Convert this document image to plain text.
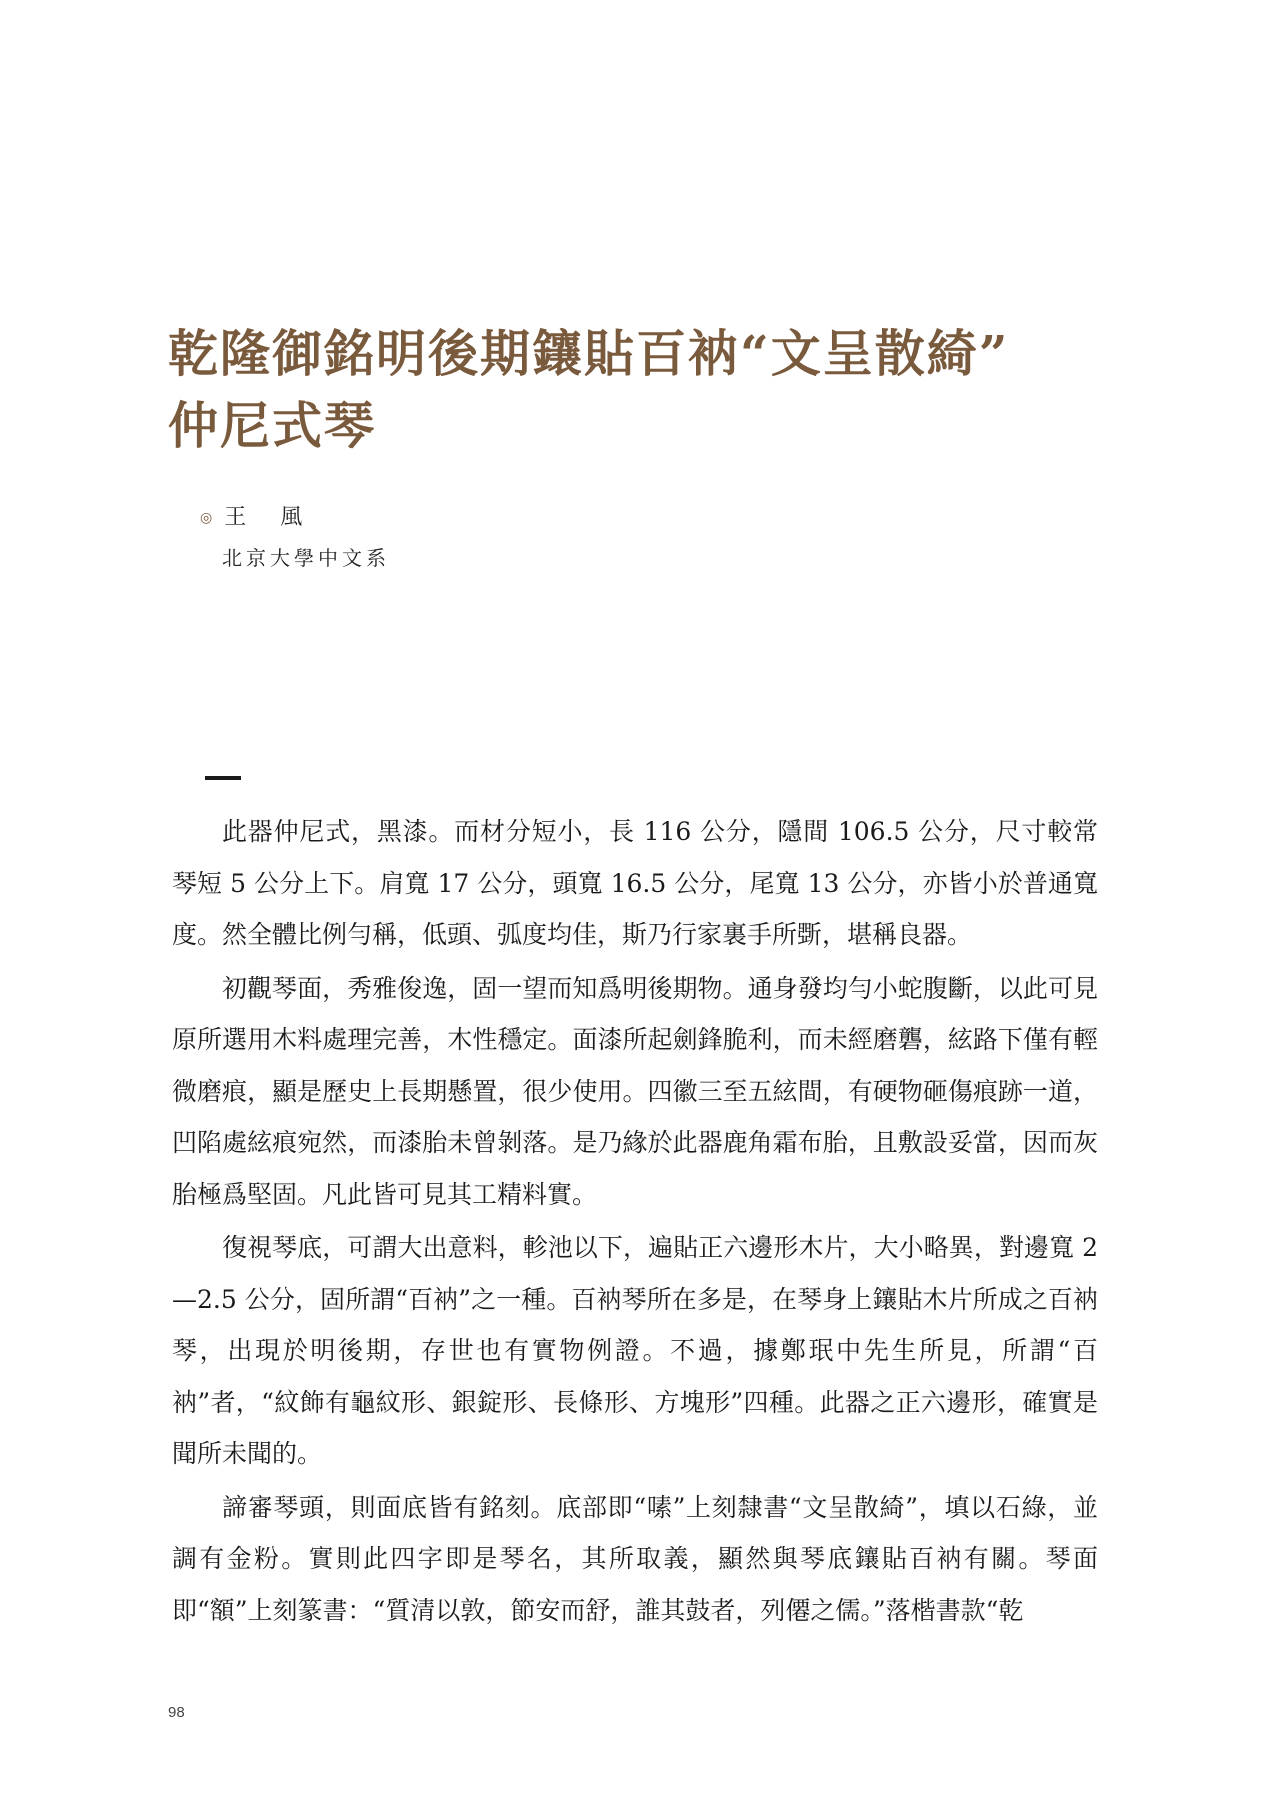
乾隆御銘明後期鑲貼百衲“文呈散綺”
仲尼式琴
◎ 王　風
北京大學中文系

此器仲尼式，黑漆。而材分短小，長 116 公分，隱間 106.5 公分，尺寸較常琴短 5 公分上下。肩寬 17 公分，頭寬 16.5 公分，尾寬 13 公分，亦皆小於普通寬度。然全體比例勻稱，低頭、弧度均佳，斯乃行家裏手所斲，堪稱良器。

初觀琴面，秀雅俊逸，固一望而知爲明後期物。通身發均勻小蛇腹斷，以此可見原所選用木料處理完善，木性穩定。面漆所起劍鋒脆利，而未經磨礱，絃路下僅有輕微磨痕，顯是歷史上長期懸置，很少使用。四徽三至五絃間，有硬物砸傷痕跡一道，凹陷處絃痕宛然，而漆胎未曾剝落。是乃緣於此器鹿角霜布胎，且敷設妥當，因而灰胎極爲堅固。凡此皆可見其工精料實。

復視琴底，可謂大出意料，軫池以下，遍貼正六邊形木片，大小略異，對邊寬 2—2.5 公分，固所謂“百衲”之一種。百衲琴所在多是，在琴身上鑲貼木片所成之百衲琴，出現於明後期，存世也有實物例證。不過，據鄭珉中先生所見，所謂“百衲”者，“紋飾有龜紋形、銀錠形、長條形、方塊形”四種。此器之正六邊形，確實是聞所未聞的。

諦審琴頭，則面底皆有銘刻。底部即“嗉”上刻隸書“文呈散綺”，填以石綠，並調有金粉。實則此四字即是琴名，其所取義，顯然與琴底鑲貼百衲有關。琴面即“額”上刻篆書：“質清以敦，節安而舒，誰其鼓者，列僊之儒。”落楷書款“乾

98
